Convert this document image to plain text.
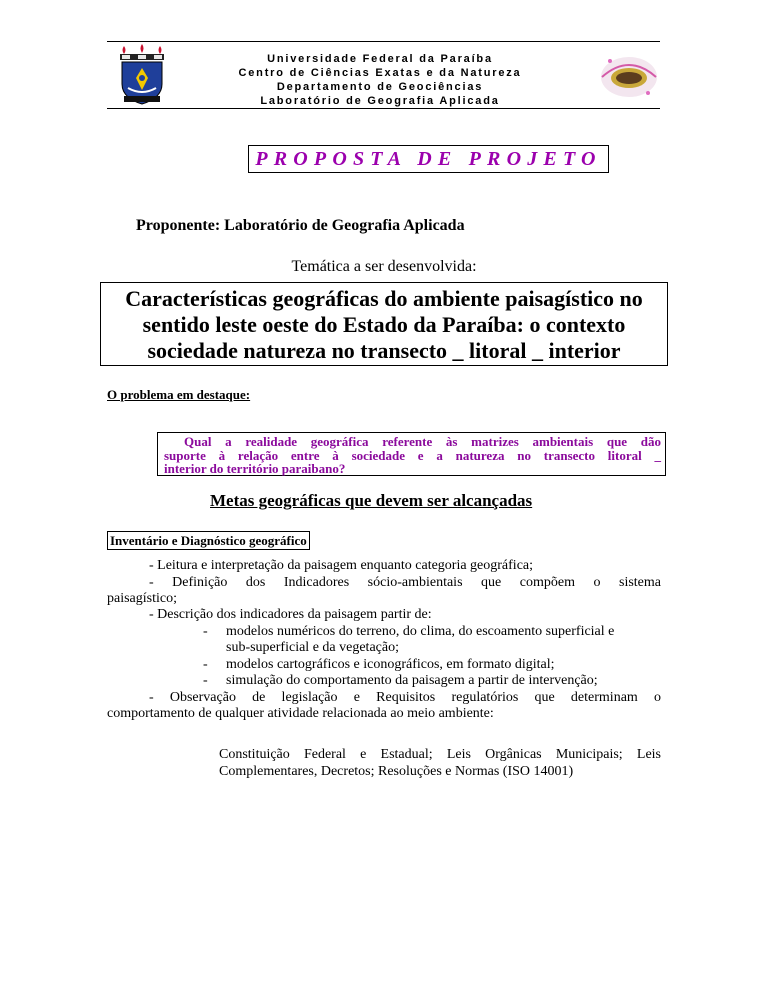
Universidade Federal da Paraíba
Centro de Ciências Exatas e da Natureza
Departamento de Geociências
Laboratório de Geografia Aplicada
PROPOSTA DE PROJETO
Proponente: Laboratório de Geografia Aplicada
Temática a ser desenvolvida:
Características geográficas do ambiente paisagístico no
sentido leste oeste do Estado da Paraíba: o contexto
sociedade natureza no transecto _ litoral _ interior
O problema em destaque:
Qual a realidade geográfica referente às matrizes ambientais que dão
suporte à relação entre à sociedade e a natureza no transecto litoral _
interior do território paraibano?
Metas geográficas que devem ser alcançadas
Inventário e Diagnóstico geográfico
- Leitura e interpretação da paisagem enquanto categoria geográfica;
- Definição dos Indicadores sócio-ambientais que compõem o sistema
paisagístico;
- Descrição dos indicadores da paisagem partir de:
- modelos numéricos do terreno, do clima, do escoamento superficial e
sub-superficial e da vegetação;
- modelos cartográficos e iconográficos, em formato digital;
- simulação do comportamento da paisagem a partir de intervenção;
- Observação de legislação e Requisitos regulatórios que determinam o
comportamento de qualquer atividade relacionada ao meio ambiente:
Constituição Federal e Estadual; Leis Orgânicas Municipais; Leis
Complementares, Decretos; Resoluções e Normas (ISO 14001)
